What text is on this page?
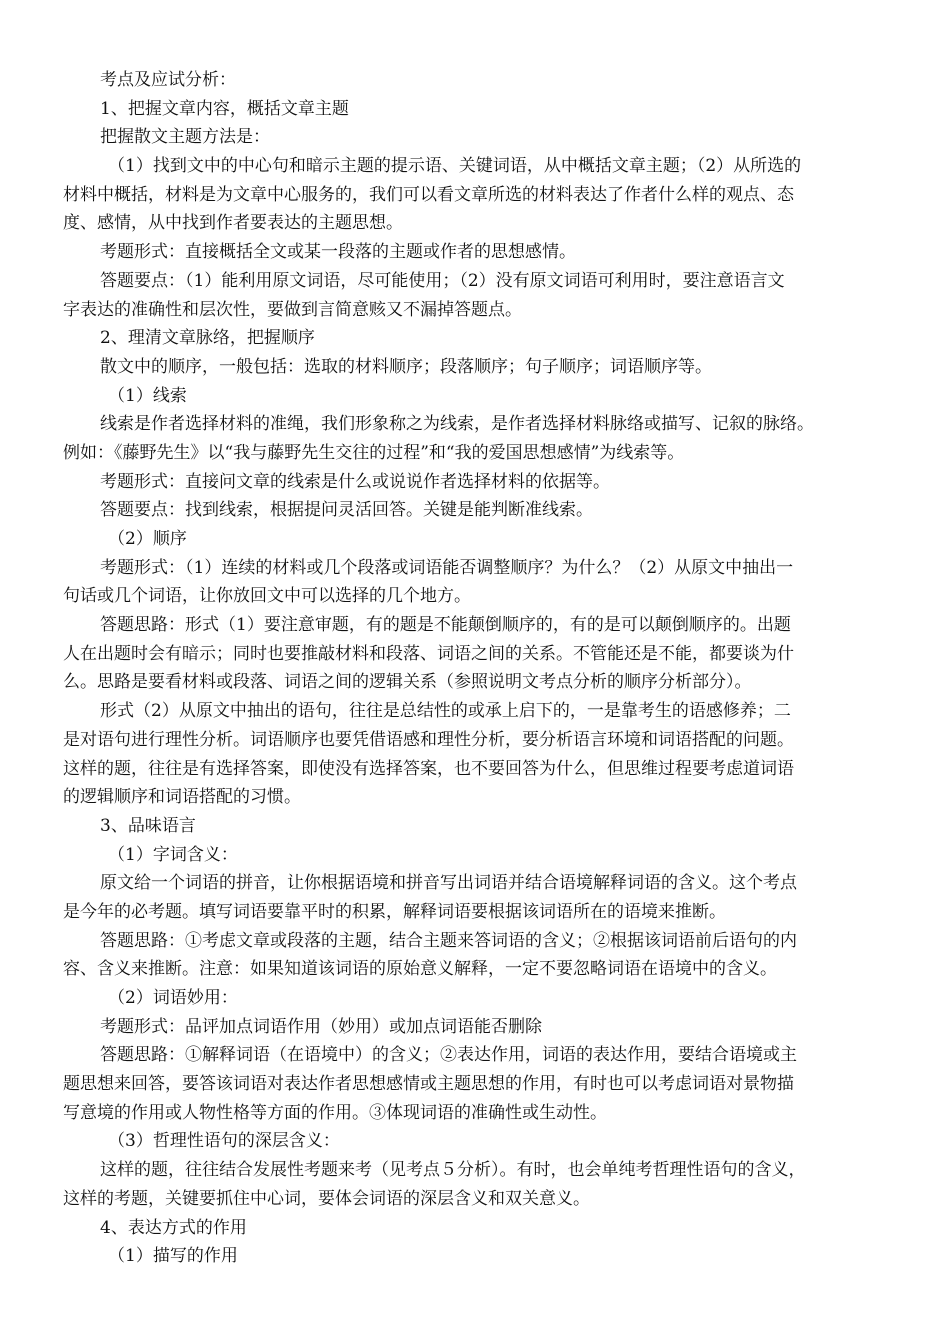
考点及应试分析：
1、把握文章内容，概括文章主题
把握散文主题方法是：
（1）找到文中的中心句和暗示主题的提示语、关键词语，从中概括文章主题；（2）从所选的
材料中概括，材料是为文章中心服务的，我们可以看文章所选的材料表达了作者什么样的观点、态
度、感情，从中找到作者要表达的主题思想。
考题形式：直接概括全文或某一段落的主题或作者的思想感情。
答题要点：（1）能利用原文词语，尽可能使用；（2）没有原文词语可利用时，要注意语言文
字表达的准确性和层次性，要做到言简意赅又不漏掉答题点。
2、理清文章脉络，把握顺序
散文中的顺序，一般包括：选取的材料顺序；段落顺序；句子顺序；词语顺序等。
（1）线索
线索是作者选择材料的准绳，我们形象称之为线索，是作者选择材料脉络或描写、记叙的脉络。
例如：《藤野先生》以“我与藤野先生交往的过程”和“我的爱国思想感情”为线索等。
考题形式：直接问文章的线索是什么或说说作者选择材料的依据等。
答题要点：找到线索，根据提问灵活回答。关键是能判断准线索。
（2）顺序
考题形式：（1）连续的材料或几个段落或词语能否调整顺序？为什么？（2）从原文中抽出一
句话或几个词语，让你放回文中可以选择的几个地方。
答题思路：形式（1）要注意审题，有的题是不能颠倒顺序的，有的是可以颠倒顺序的。出题
人在出题时会有暗示；同时也要推敲材料和段落、词语之间的关系。不管能还是不能，都要谈为什
么。思路是要看材料或段落、词语之间的逻辑关系（参照说明文考点分析的顺序分析部分）。
形式（2）从原文中抽出的语句，往往是总结性的或承上启下的，一是靠考生的语感修养；二
是对语句进行理性分析。词语顺序也要凭借语感和理性分析，要分析语言环境和词语搭配的问题。
这样的题，往往是有选择答案，即使没有选择答案，也不要回答为什么，但思维过程要考虑道词语
的逻辑顺序和词语搭配的习惯。
3、品味语言
（1）字词含义：
原文给一个词语的拼音，让你根据语境和拼音写出词语并结合语境解释词语的含义。这个考点
是今年的必考题。填写词语要靠平时的积累，解释词语要根据该词语所在的语境来推断。
答题思路：①考虑文章或段落的主题，结合主题来答词语的含义；②根据该词语前后语句的内
容、含义来推断。注意：如果知道该词语的原始意义解释，一定不要忽略词语在语境中的含义。
（2）词语妙用：
考题形式：品评加点词语作用（妙用）或加点词语能否删除
答题思路：①解释词语（在语境中）的含义；②表达作用，词语的表达作用，要结合语境或主
题思想来回答，要答该词语对表达作者思想感情或主题思想的作用，有时也可以考虑词语对景物描
写意境的作用或人物性格等方面的作用。③体现词语的准确性或生动性。
（3）哲理性语句的深层含义：
这样的题，往往结合发展性考题来考（见考点５分析）。有时，也会单纯考哲理性语句的含义，
这样的考题，关键要抓住中心词，要体会词语的深层含义和双关意义。
4、表达方式的作用
（1）描写的作用
